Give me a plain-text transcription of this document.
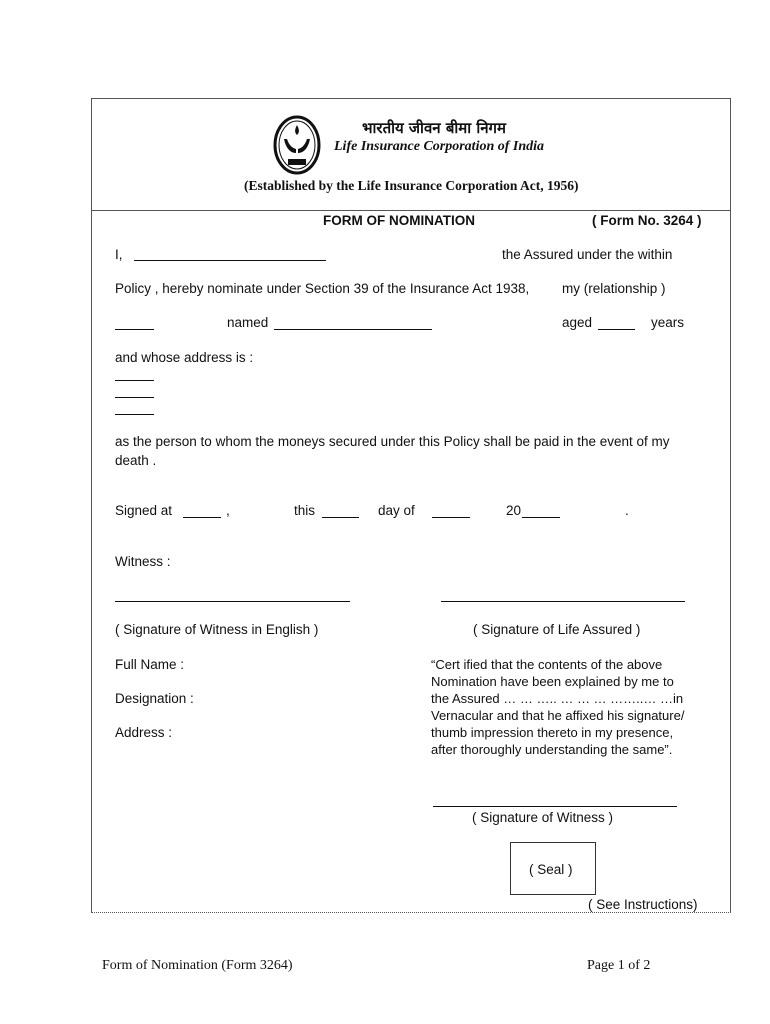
भारतीय जीवन बीमा निगम
Life Insurance Corporation of India
(Established by the Life Insurance Corporation Act, 1956)
FORM OF NOMINATION	( Form No. 3264 )
I,	the Assured under the within
Policy , hereby nominate under Section 39 of the Insurance Act 1938, my (relationship )
named	aged	years
and whose address is :
as the person to whom the moneys secured under this Policy shall be paid in the event of my
death .
Signed at	,	this	day of	20	.
Witness :
( Signature of Witness in English )	( Signature of Life Assured )
Full Name :
Designation :
Address :
“Cert ified that the contents of the above
Nomination have been explained by me to
the Assured … … ….. … … … ……..… …in
Vernacular and that he affixed his signature/
thumb impression thereto in my presence,
after thoroughly understanding the same”.
( Signature of Witness )
( Seal )
( See Instructions)
Form of Nomination (Form 3264)	Page 1 of 2
